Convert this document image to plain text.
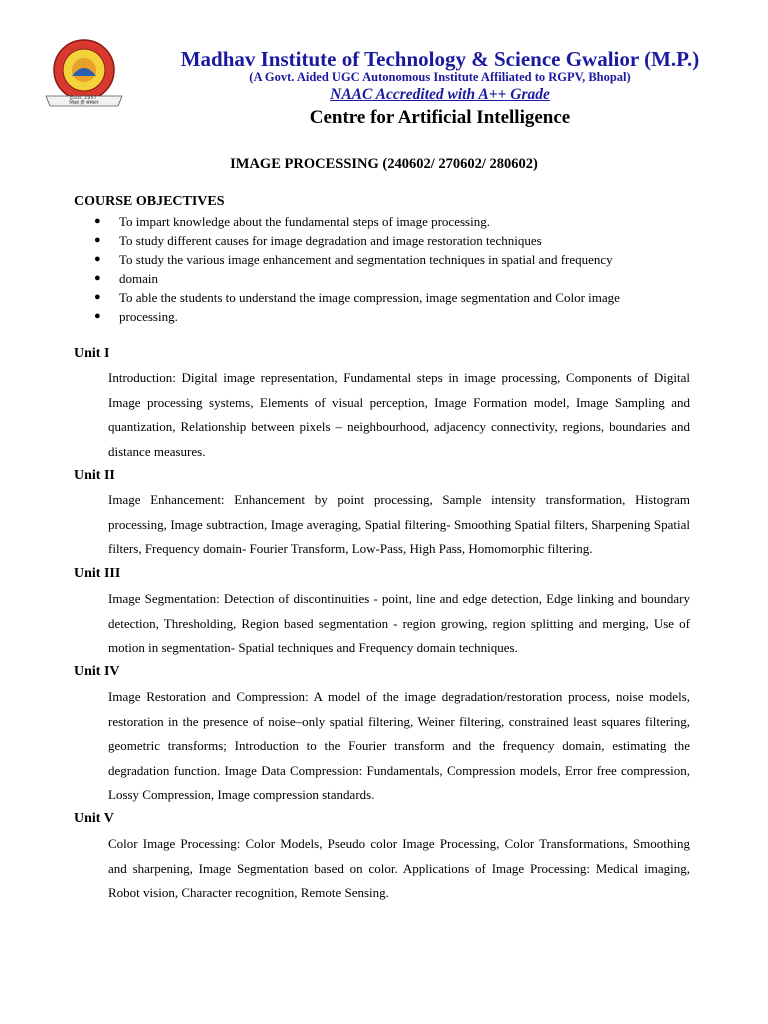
शिक्षा ही संस्कार
Estd. 1957
Madhav Institute of Technology & Science Gwalior (M.P.)
(A Govt. Aided UGC Autonomous Institute Affiliated to RGPV, Bhopal)
NAAC Accredited with A++ Grade
Centre for Artificial Intelligence
IMAGE PROCESSING (240602/ 270602/ 280602)
COURSE OBJECTIVES
● To impart knowledge about the fundamental steps of image processing.
● To study different causes for image degradation and image restoration techniques
● To study the various image enhancement and segmentation techniques in spatial and frequency
● domain
● To able the students to understand the image compression, image segmentation and Color image
● processing.
Unit I
Introduction: Digital image representation, Fundamental steps in image processing, Components of Digital Image processing systems, Elements of visual perception, Image Formation model, Image Sampling and quantization, Relationship between pixels – neighbourhood, adjacency connectivity, regions, boundaries and distance measures.
Unit II
Image Enhancement: Enhancement by point processing, Sample intensity transformation, Histogram processing, Image subtraction, Image averaging, Spatial filtering- Smoothing Spatial filters, Sharpening Spatial filters, Frequency domain- Fourier Transform, Low-Pass, High Pass, Homomorphic filtering.
Unit III
Image Segmentation: Detection of discontinuities - point, line and edge detection, Edge linking and boundary detection, Thresholding, Region based segmentation - region growing, region splitting and merging, Use of motion in segmentation- Spatial techniques and Frequency domain techniques.
Unit IV
Image Restoration and Compression: A model of the image degradation/restoration process, noise models, restoration in the presence of noise–only spatial filtering, Weiner filtering, constrained least squares filtering, geometric transforms; Introduction to the Fourier transform and the frequency domain, estimating the degradation function. Image Data Compression: Fundamentals, Compression models, Error free compression, Lossy Compression, Image compression standards.
Unit V
Color Image Processing: Color Models, Pseudo color Image Processing, Color Transformations, Smoothing and sharpening, Image Segmentation based on color. Applications of Image Processing: Medical imaging, Robot vision, Character recognition, Remote Sensing.
